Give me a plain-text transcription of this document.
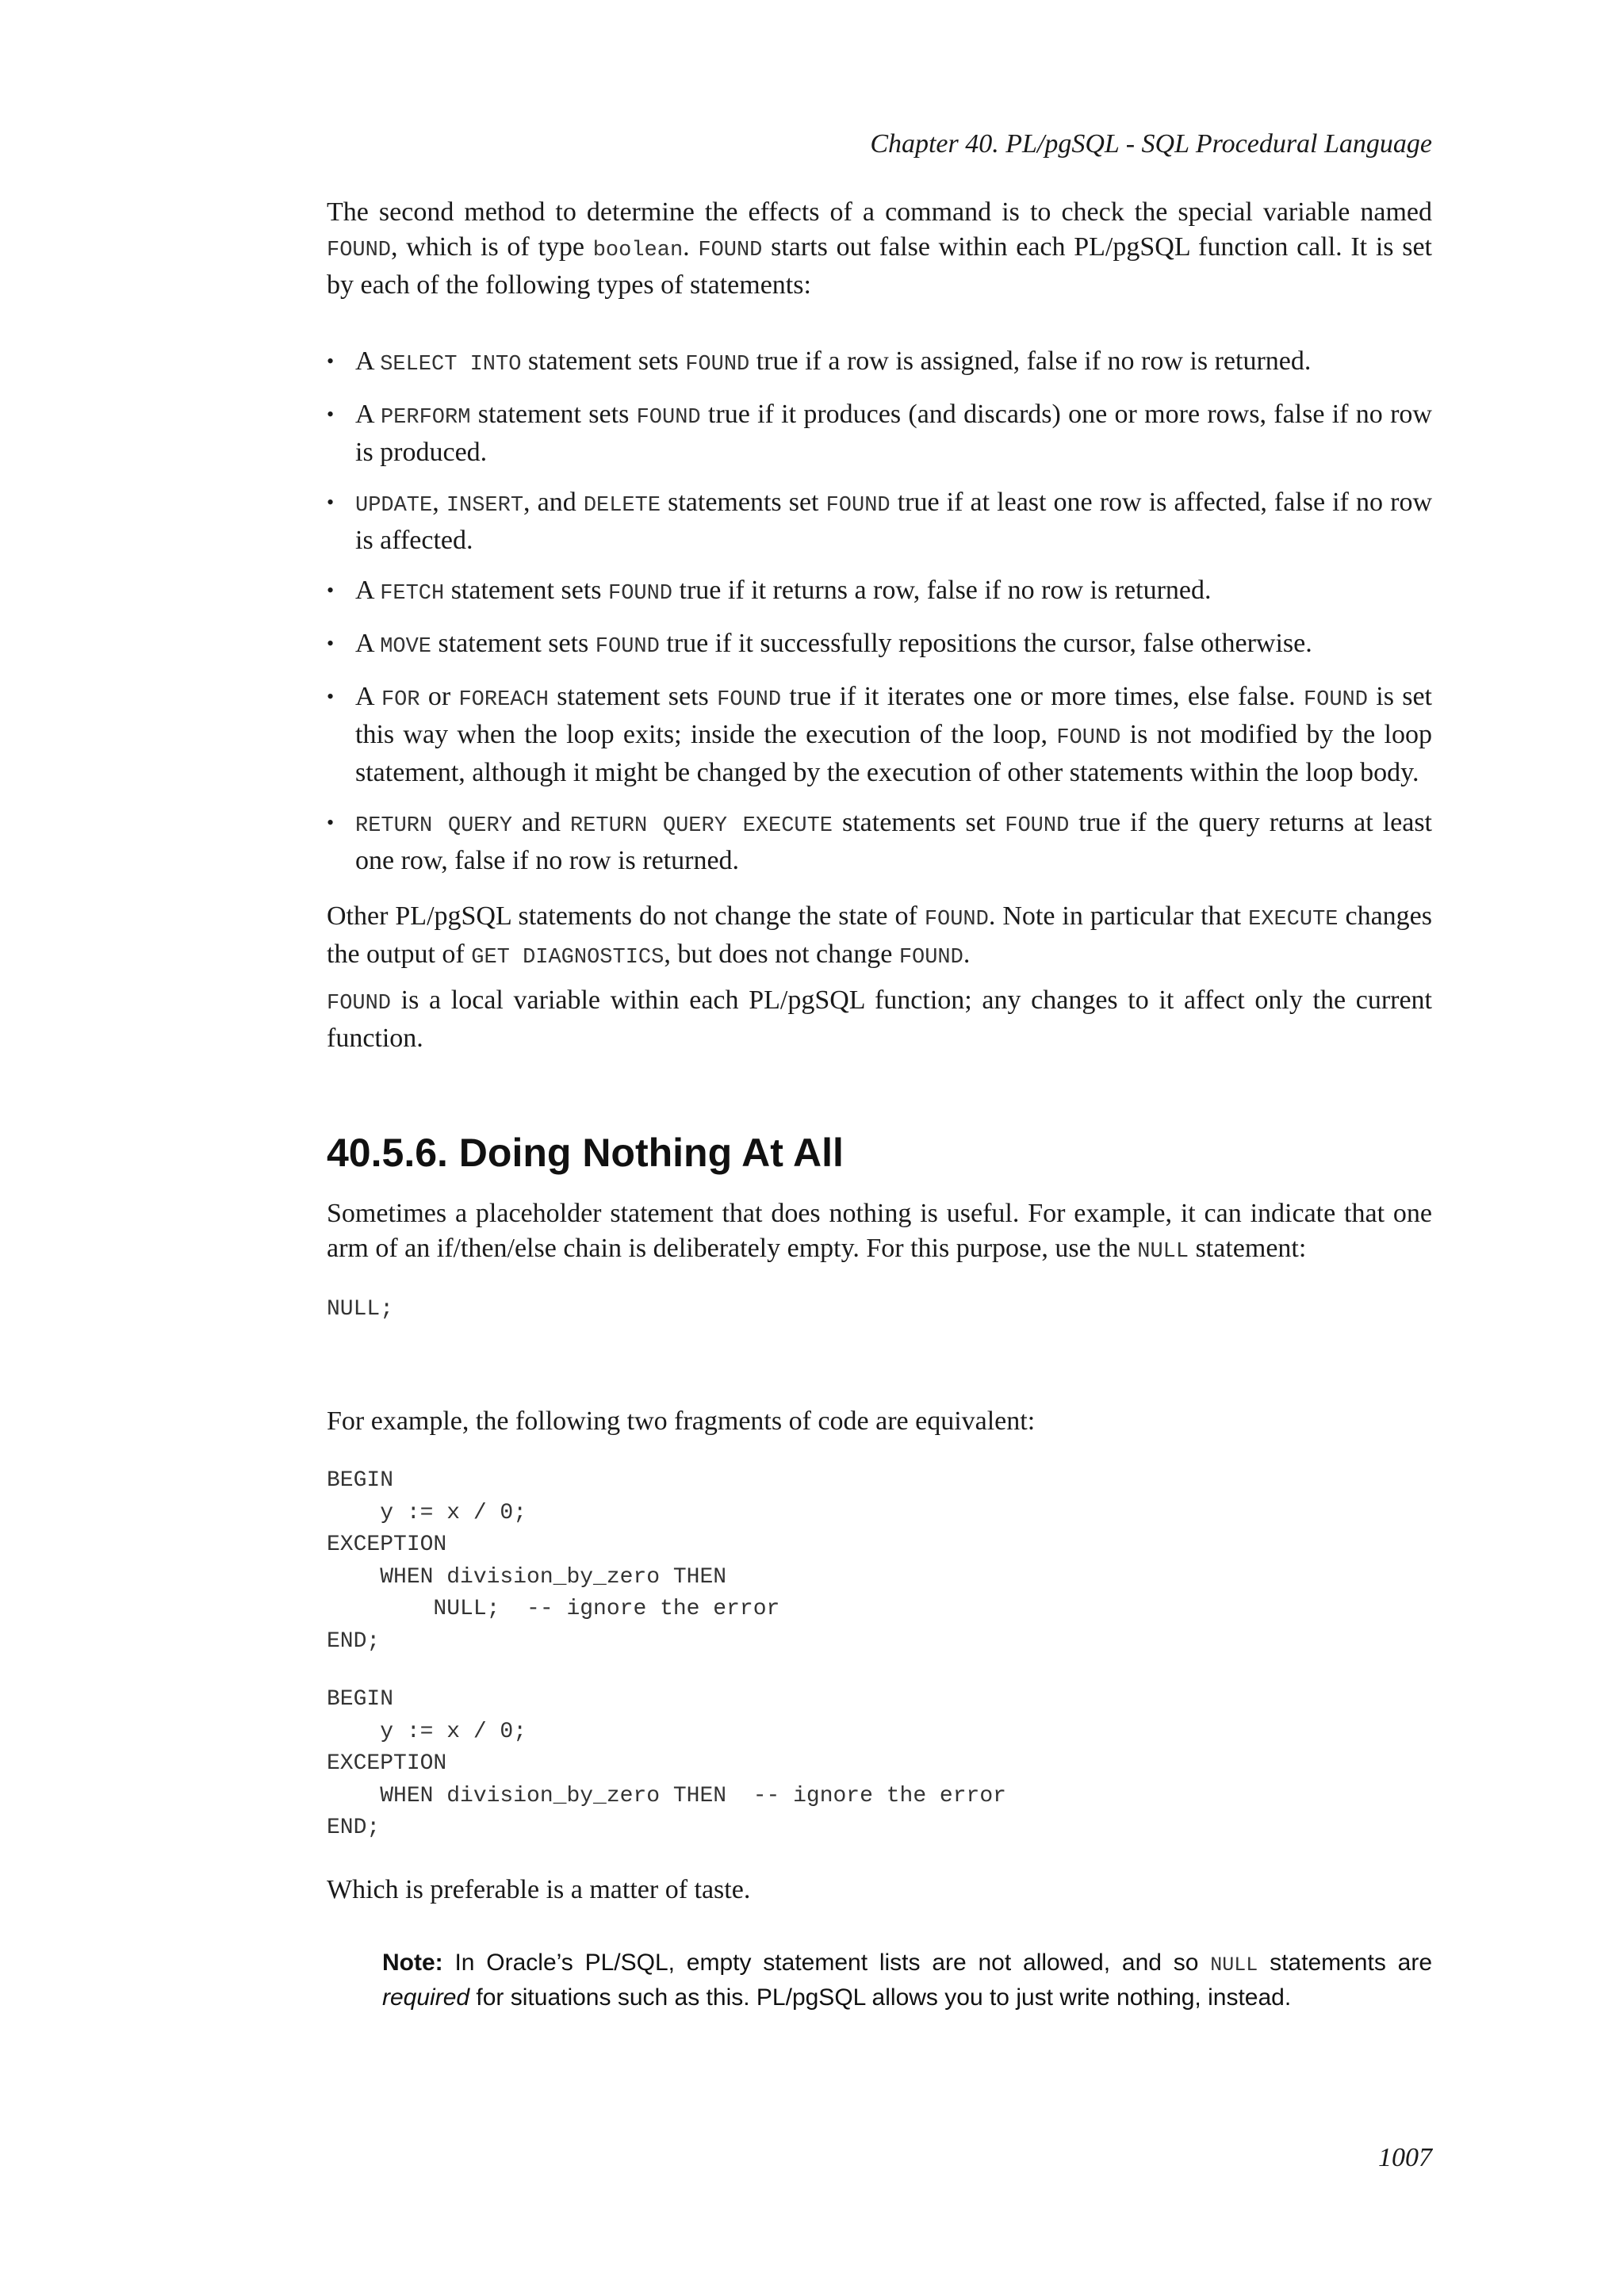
Chapter 40. PL/pgSQL - SQL Procedural Language

The second method to determine the effects of a command is to check the special variable named FOUND, which is of type boolean. FOUND starts out false within each PL/pgSQL function call. It is set by each of the following types of statements:

• A SELECT INTO statement sets FOUND true if a row is assigned, false if no row is returned.
• A PERFORM statement sets FOUND true if it produces (and discards) one or more rows, false if no row is produced.
• UPDATE, INSERT, and DELETE statements set FOUND true if at least one row is affected, false if no row is affected.
• A FETCH statement sets FOUND true if it returns a row, false if no row is returned.
• A MOVE statement sets FOUND true if it successfully repositions the cursor, false otherwise.
• A FOR or FOREACH statement sets FOUND true if it iterates one or more times, else false. FOUND is set this way when the loop exits; inside the execution of the loop, FOUND is not modified by the loop statement, although it might be changed by the execution of other statements within the loop body.
• RETURN QUERY and RETURN QUERY EXECUTE statements set FOUND true if the query returns at least one row, false if no row is returned.

Other PL/pgSQL statements do not change the state of FOUND. Note in particular that EXECUTE changes the output of GET DIAGNOSTICS, but does not change FOUND.

FOUND is a local variable within each PL/pgSQL function; any changes to it affect only the current function.

40.5.6. Doing Nothing At All

Sometimes a placeholder statement that does nothing is useful. For example, it can indicate that one arm of an if/then/else chain is deliberately empty. For this purpose, use the NULL statement:

NULL;

For example, the following two fragments of code are equivalent:

BEGIN
y := x / 0;
EXCEPTION
WHEN division_by_zero THEN
NULL;  -- ignore the error
END;
BEGIN
y := x / 0;
EXCEPTION
WHEN division_by_zero THEN  -- ignore the error
END;

Which is preferable is a matter of taste.

Note: In Oracle’s PL/SQL, empty statement lists are not allowed, and so NULL statements are required for situations such as this. PL/pgSQL allows you to just write nothing, instead.

1007
